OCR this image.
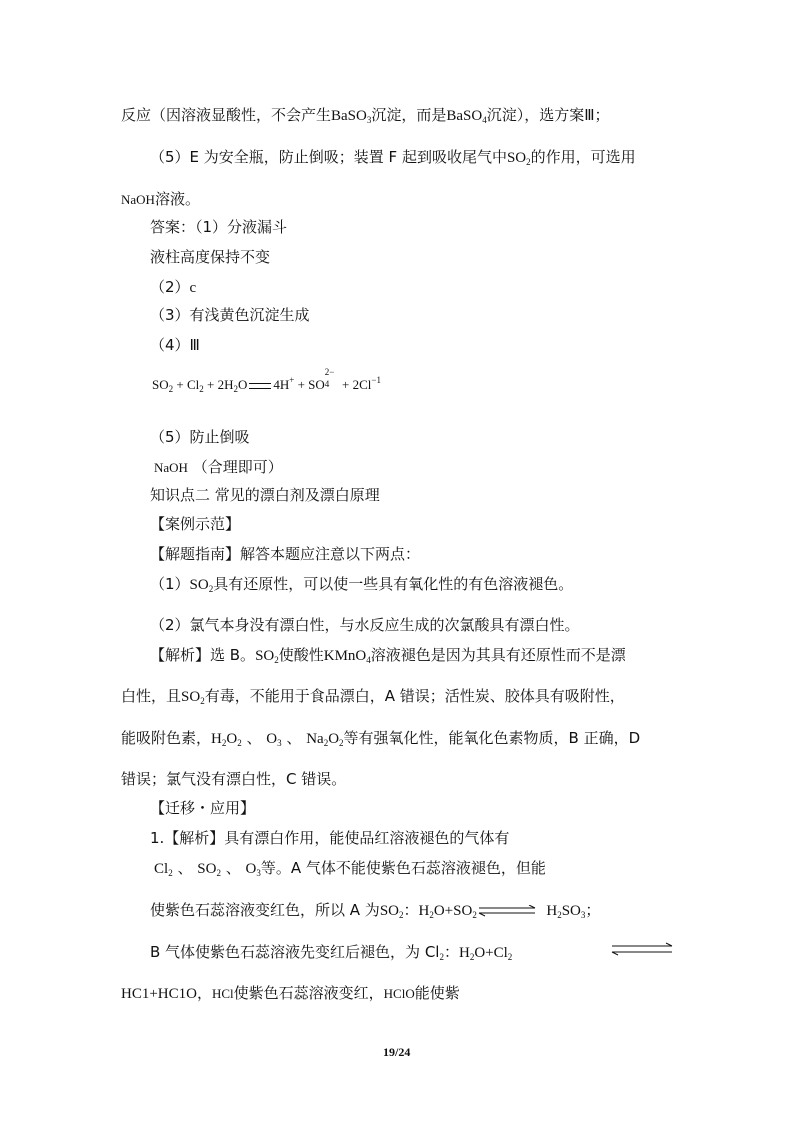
反应（因溶液显酸性，不会产生BaSO$_3$沉淀，而是BaSO$_4$沉淀），选方案Ⅲ；
（5）E 为安全瓶，防止倒吸；装置 F 起到吸收尾气中$SO_2$的作用，可选用
NaOH溶液。
答案：（1）分液漏斗
液柱高度保持不变
（2）c
（3）有浅黄色沉淀生成
（4）Ⅲ
$SO_2 + Cl_2 + 2H_2O$ 4H+ + SO
2−
$4 + 2Cl^{-1}$
（5）防止倒吸
NaOH （合理即可）
知识点二 常见的漂白剂及漂白原理
【案例示范】
【解题指南】解答本题应注意以下两点：
$(1)SO_2$具有还原性，可以使一些具有氧化性的有色溶液褪色。
（2）氯气本身没有漂白性，与水反应生成的次氯酸具有漂白性。
【解析】选 B。$SO_2$使酸性KMnO$_4$溶液褪色是因为其具有还原性而不是漂
白性，且$SO_2$有毒，不能用于食品漂白，A 错误；活性炭、胶体具有吸附性，
能吸附色素，$H_2O_2$ 、 $O_3$ 、 $Na_2O_2$等有强氧化性，能氧化色素物质，B 正确，D
错误；氯气没有漂白性，C 错误。
【迁移・应用】
1.【解析】具有漂白作用，能使品红溶液褪色的气体有
$Cl_2$ 、 $SO_2$ 、 $O_3$等。A 气体不能使紫色石蕊溶液褪色，但能
使紫色石蕊溶液变红色，所以 A 为$SO_2$：$H_2O+SO_2\rightleftharpoons$ $H_2SO_3$；
B 气体使紫色石蕊溶液先变红后褪色，为 $Cl_2$：$H_2O+Cl_2$
HC1+HC1O，HCl使紫色石蕊溶液变红，HClO能使紫
19/24
